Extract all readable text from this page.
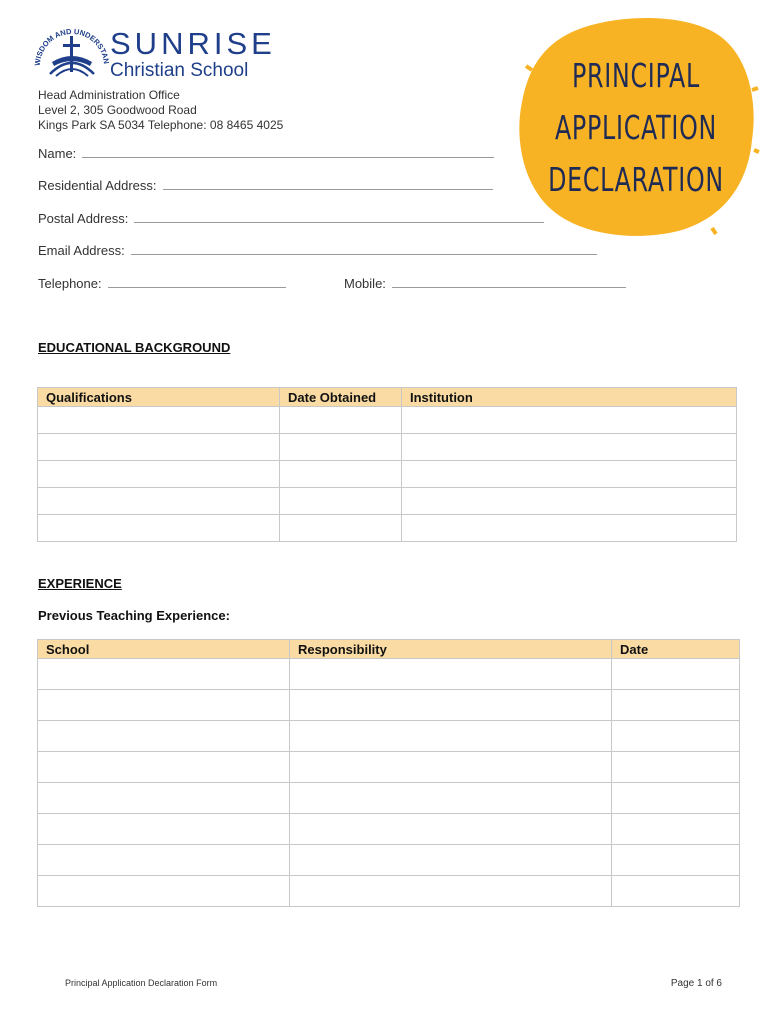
WISDOM AND UNDERSTAN
SUNRISE
Christian School
Head Administration Office
Level 2, 305 Goodwood Road
Kings Park SA 5034 Telephone: 08 8465 4025
PRINCIPAL
APPLICATION
DECLARATION
Name:
Residential Address:
Postal Address:
Email Address:
Telephone:	Mobile:
EDUCATIONAL BACKGROUND
Qualifications	Date Obtained	Institution

EXPERIENCE
Previous Teaching Experience:
School	Responsibility	Date

Principal Application Declaration Form	Page 1 of 6
